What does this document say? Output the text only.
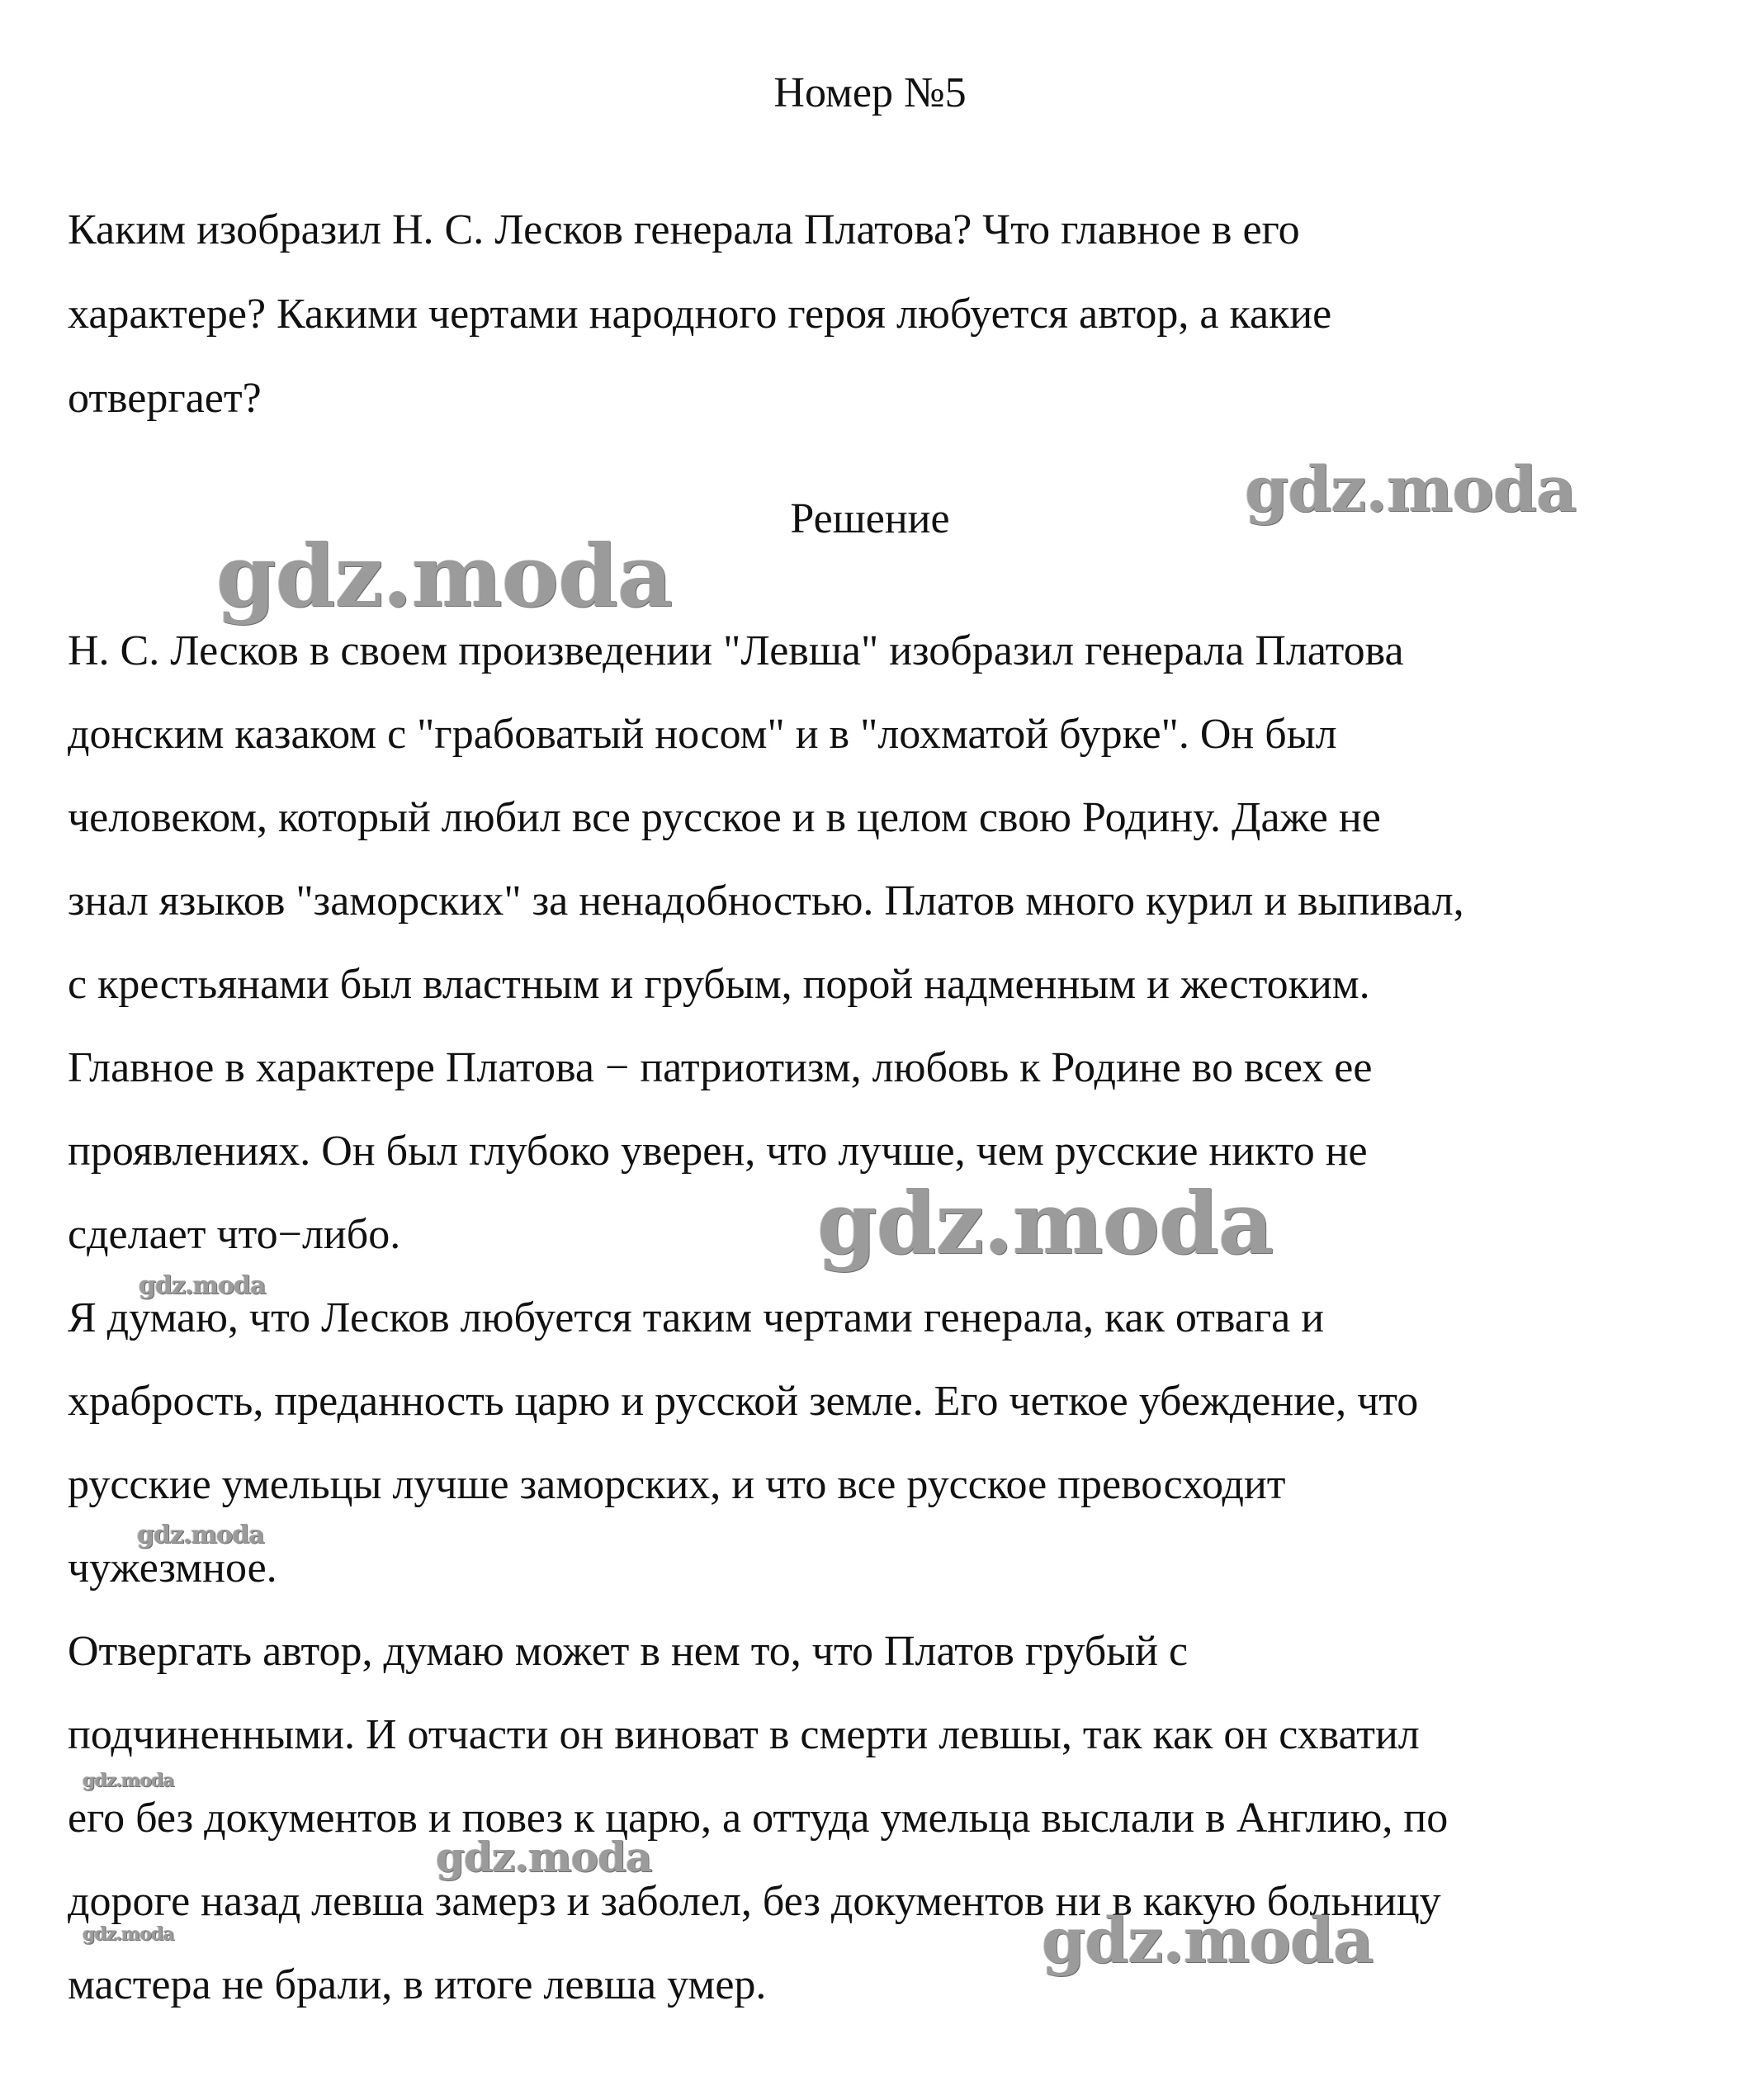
Номер №5
Каким изобразил Н. С. Лесков генерала Платова? Что главное в его
характере? Какими чертами народного героя любуется автор, а какие
отвергает?
Решение
Н. С. Лесков в своем произведении "Левша" изобразил генерала Платова
донским казаком с "грабоватый носом" и в "лохматой бурке". Он был
человеком, который любил все русское и в целом свою Родину. Даже не
знал языков "заморских" за ненадобностью. Платов много курил и выпивал,
с крестьянами был властным и грубым, порой надменным и жестоким.
Главное в характере Платова − патриотизм, любовь к Родине во всех ее
проявлениях. Он был глубоко уверен, что лучше, чем русские никто не
сделает что−либо.
Я думаю, что Лесков любуется таким чертами генерала, как отвага и
храбрость, преданность царю и русской земле. Его четкое убеждение, что
русские умельцы лучше заморских, и что все русское превосходит
чужезмное.
Отвергать автор, думаю может в нем то, что Платов грубый с
подчиненными. И отчасти он виноват в смерти левшы, так как он схватил
его без документов и повез к царю, а оттуда умельца выслали в Англию, по
дороге назад левша замерз и заболел, без документов ни в какую больницу
мастера не брали, в итоге левша умер.
gdz.moda
gdz.moda
gdz.moda
gdz.moda
gdz.moda
gdz.moda
gdz.moda
gdz.moda	gdz.moda
